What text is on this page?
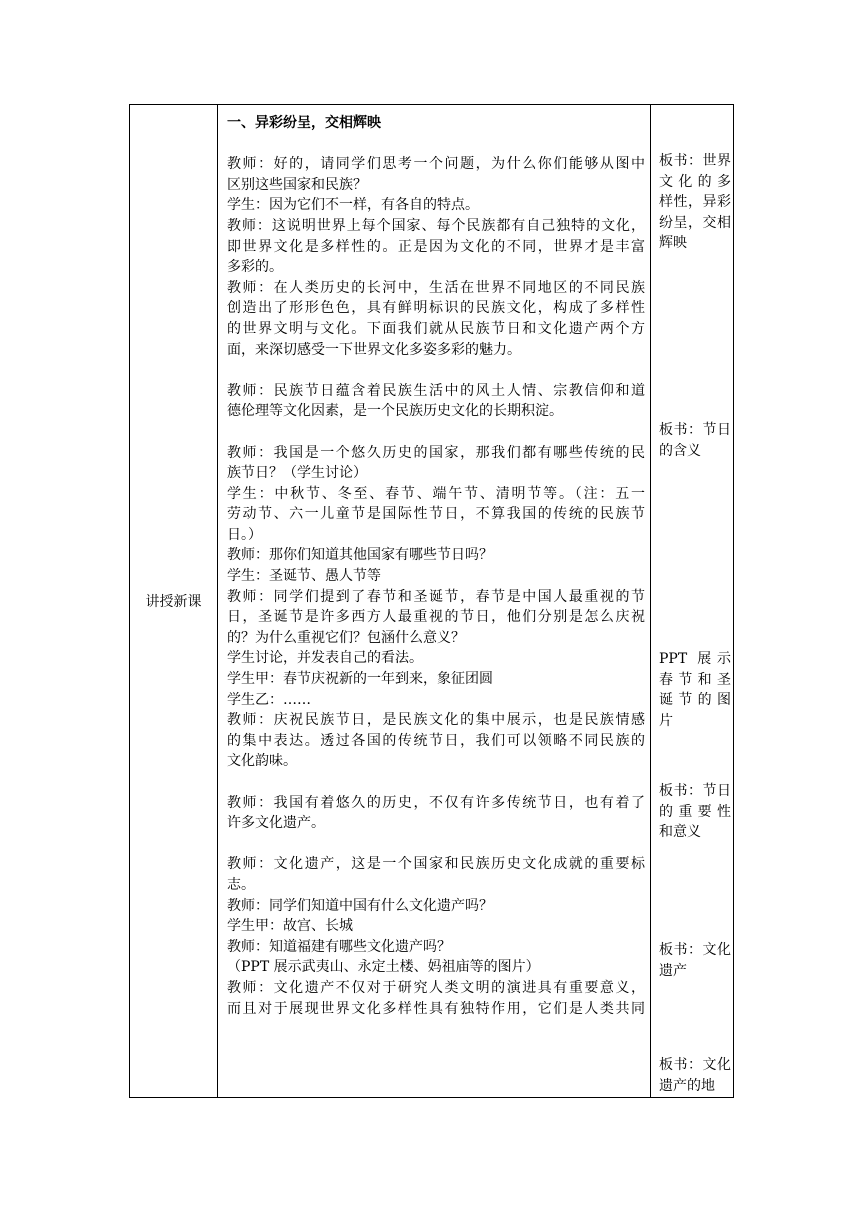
讲授新课
一、异彩纷呈，交相辉映
教师：好的，请同学们思考一个问题，为什么你们能够从图中
区别这些国家和民族？
学生：因为它们不一样，有各自的特点。
教师：这说明世界上每个国家、每个民族都有自己独特的文化，
即世界文化是多样性的。正是因为文化的不同，世界才是丰富
多彩的。
教师：在人类历史的长河中，生活在世界不同地区的不同民族
创造出了形形色色，具有鲜明标识的民族文化，构成了多样性
的世界文明与文化。下面我们就从民族节日和文化遗产两个方
面，来深切感受一下世界文化多姿多彩的魅力。
教师：民族节日蕴含着民族生活中的风土人情、宗教信仰和道
德伦理等文化因素，是一个民族历史文化的长期积淀。
教师：我国是一个悠久历史的国家，那我们都有哪些传统的民
族节日？（学生讨论）
学生：中秋节、冬至、春节、端午节、清明节等。（注：五一
劳动节、六一儿童节是国际性节日，不算我国的传统的民族节
日。）
教师：那你们知道其他国家有哪些节日吗？
学生：圣诞节、愚人节等
教师：同学们提到了春节和圣诞节，春节是中国人最重视的节
日，圣诞节是许多西方人最重视的节日，他们分别是怎么庆祝
的？为什么重视它们？包涵什么意义？
学生讨论，并发表自己的看法。
学生甲：春节庆祝新的一年到来，象征团圆
学生乙：……
教师：庆祝民族节日，是民族文化的集中展示，也是民族情感
的集中表达。透过各国的传统节日，我们可以领略不同民族的
文化韵味。
教师：我国有着悠久的历史，不仅有许多传统节日，也有着了
许多文化遗产。
教师：文化遗产，这是一个国家和民族历史文化成就的重要标
志。
教师：同学们知道中国有什么文化遗产吗？
学生甲：故宫、长城
教师：知道福建有哪些文化遗产吗？
（PPT 展示武夷山、永定土楼、妈祖庙等的图片）
教师：文化遗产不仅对于研究人类文明的演进具有重要意义，
而且对于展现世界文化多样性具有独特作用，它们是人类共同
板书：世界
文化的多
样性，异彩
纷呈，交相
辉映
板书：节日
的含义
PPT 展示
春节和圣
诞节的图
片
板书：节日
的重要性
和意义
板书：文化
遗产
板书：文化
遗产的地
